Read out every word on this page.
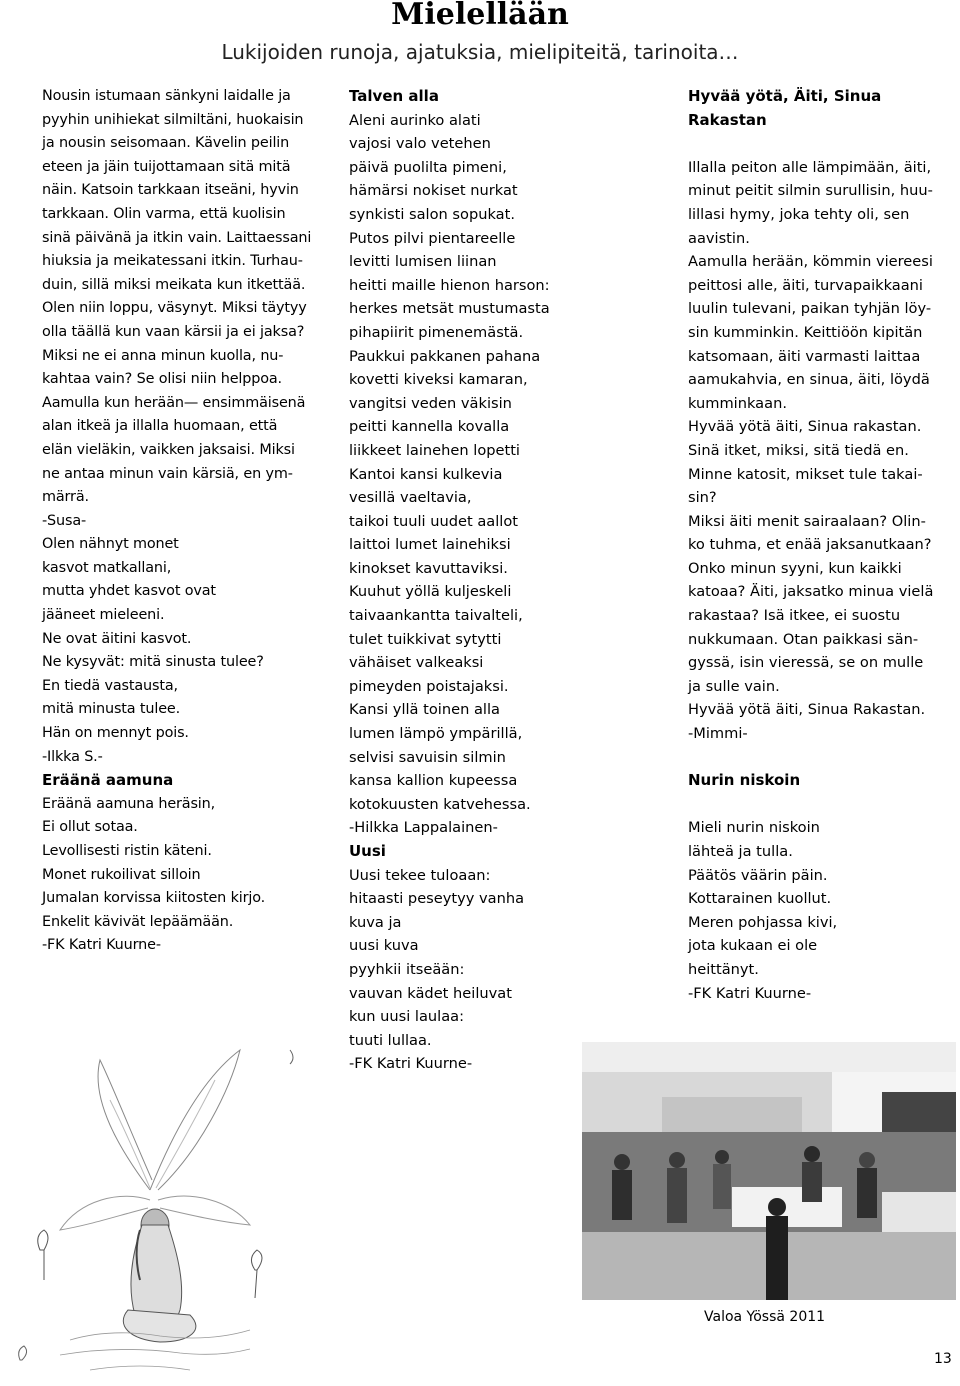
Mielellään

Lukijoiden runoja, ajatuksia, mielipiteitä, tarinoita…

Nousin istumaan sänkyni laidalle ja
pyyhin unihiekat silmiltäni, huokaisin
ja nousin seisomaan. Kävelin peilin
eteen ja jäin tuijottamaan sitä mitä
näin. Katsoin tarkkaan itseäni, hyvin
tarkkaan. Olin varma, että kuolisin
sinä päivänä ja itkin vain. Laittaessani
hiuksia ja meikatessani itkin. Turhau-
duin, sillä miksi meikata kun itkettää.
Olen niin loppu, väsynyt. Miksi täytyy
olla täällä kun vaan kärsii ja ei jaksa?
Miksi ne ei anna minun kuolla, nu-
kahtaa vain? Se olisi niin helppoa.
Aamulla kun herään— ensimmäisenä
alan itkeä ja illalla huomaan, että
elän vieläkin, vaikken jaksaisi. Miksi
ne antaa minun vain kärsiä, en ym-
märrä.
-Susa-

Olen nähnyt monet
kasvot matkallani,
mutta yhdet kasvot ovat
jääneet mieleeni.
Ne ovat äitini kasvot.
Ne kysyvät: mitä sinusta tulee?
En tiedä vastausta,
mitä minusta tulee.
Hän on mennyt pois.
-Ilkka S.-

Eräänä aamuna

Eräänä aamuna heräsin,
Ei ollut sotaa.
Levollisesti ristin käteni.
Monet rukoilivat silloin
Jumalan korvissa kiitosten kirjo.
Enkelit kävivät lepäämään.
-FK Katri Kuurne-

Talven alla

Aleni aurinko alati
vajosi valo vetehen
päivä puolilta pimeni,
hämärsi nokiset nurkat
synkisti salon sopukat.

Putos pilvi pientareelle
levitti lumisen liinan
heitti maille hienon harson:
herkes metsät mustumasta
pihapiirit pimenemästä.

Paukkui pakkanen pahana
kovetti kiveksi kamaran,
vangitsi veden väkisin
peitti kannella kovalla
liikkeet lainehen lopetti

Kantoi kansi kulkevia
vesillä vaeltavia,
taikoi tuuli uudet aallot
laittoi lumet lainehiksi
kinokset kavuttaviksi.

Kuuhut yöllä kuljeskeli
taivaankantta taivalteli,
tulet tuikkivat sytytti
vähäiset valkeaksi
pimeyden poistajaksi.

Kansi yllä toinen alla
lumen lämpö ympärillä,
selvisi savuisin silmin
kansa kallion kupeessa
kotokuusten katvehessa.
-Hilkka Lappalainen-

Uusi

Uusi tekee tuloaan:
hitaasti peseytyy vanha
kuva ja
uusi kuva
pyyhkii itseään:
vauvan kädet heiluvat
kun uusi laulaa:
tuuti lullaa.
-FK Katri Kuurne-

Hyvää yötä, Äiti, Sinua Rakastan

Illalla peiton alle lämpimään, äiti,
minut peitit silmin surullisin, huu-
lillasi hymy, joka tehty oli, sen
aavistin.
Aamulla herään, kömmin viereesi
peittosi alle, äiti, turvapaikkaani
luulin tulevani, paikan tyhjän löy-
sin kumminkin. Keittiöön kipitän
katsomaan, äiti varmasti laittaa
aamukahvia, en sinua, äiti, löydä
kumminkaan.
Hyvää yötä äiti, Sinua rakastan.
Sinä itket, miksi, sitä tiedä en.
Minne katosit, mikset tule takai-
sin?
Miksi äiti menit sairaalaan? Olin-
ko tuhma, et enää jaksanutkaan?
Onko minun syyni, kun kaikki
katoaa? Äiti, jaksatko minua vielä
rakastaa? Isä itkee, ei suostu
nukkumaan. Otan paikkasi sän-
gyssä, isin vieressä, se on mulle
ja sulle vain.
Hyvää yötä äiti, Sinua Rakastan.
-Mimmi-

Nurin niskoin

Mieli nurin niskoin
lähteä ja tulla.
Päätös väärin päin.
Kottarainen kuollut.
Meren pohjassa kivi,
jota kukaan ei ole
heittänyt.
-FK Katri Kuurne-

Valoa Yössä 2011

13
